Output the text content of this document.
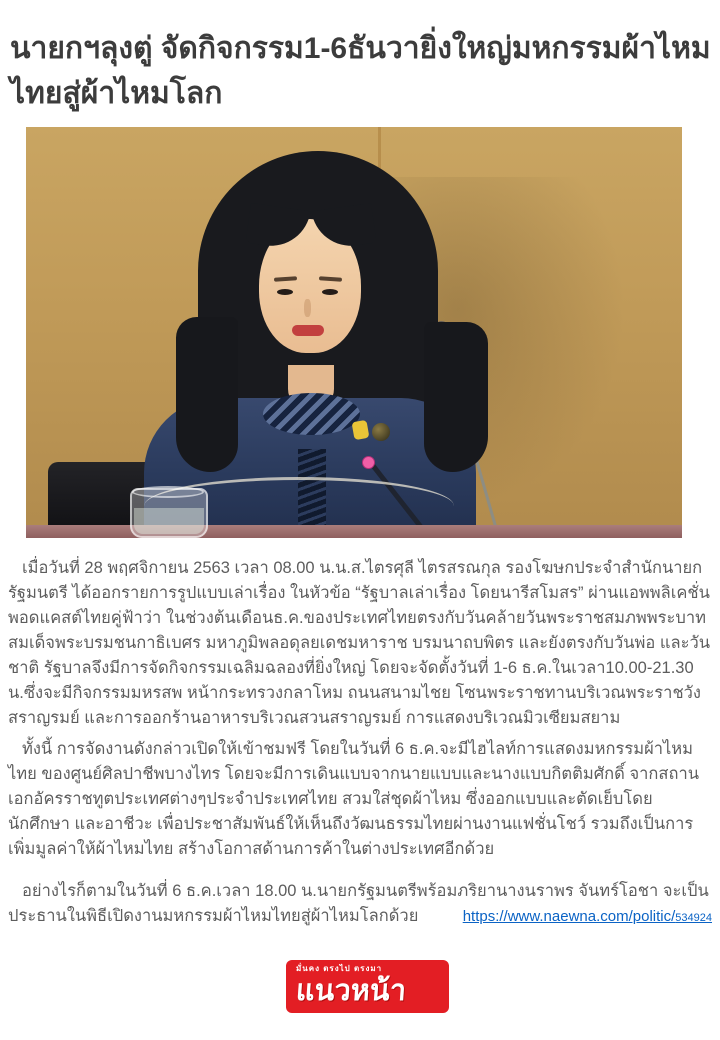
นายกฯลุงตู่ จัดกิจกรรม1-6ธันวายิ่งใหญ่มหกรรมผ้าไหมไทยสู่ผ้าไหมโลก

เมื่อวันที่ 28 พฤศจิกายน 2563 เวลา 08.00 น.น.ส.ไตรศุลี ไตรสรณกุล รองโฆษกประจำสำนักนายกรัฐมนตรี ได้ออกรายการรูปแบบเล่าเรื่อง ในหัวข้อ “รัฐบาลเล่าเรื่อง โดยนารีสโมสร” ผ่านแอพพลิเคชั่น พอดแคสต์ไทยคู่ฟ้าว่า ในช่วงต้นเดือนธ.ค.ของประเทศไทยตรงกับวันคล้ายวันพระราชสมภพพระบาทสมเด็จพระบรมชนกาธิเบศร มหาภูมิพลอดุลยเดชมหาราช บรมนาถบพิตร และยังตรงกับวันพ่อ และวันชาติ รัฐบาลจึงมีการจัดกิจกรรมเฉลิมฉลองที่ยิ่งใหญ่ โดยจะจัดตั้งวันที่ 1-6 ธ.ค.ในเวลา10.00-21.30 น.ซึ่งจะมีกิจกรรมมหรสพ หน้ากระทรวงกลาโหม ถนนสนามไชย โซนพระราชทานบริเวณพระราชวังสราญรมย์ และการออกร้านอาหารบริเวณสวนสราญรมย์ การแสดงบริเวณมิวเซียมสยาม

ทั้งนี้ การจัดงานดังกล่าวเปิดให้เข้าชมฟรี โดยในวันที่ 6 ธ.ค.จะมีไฮไลท์การแสดงมหกรรมผ้าไหมไทย ของศูนย์ศิลปาชีพบางไทร โดยจะมีการเดินแบบจากนายแบบและนางแบบกิตติมศักดิ์ จากสถานเอกอัครราชทูตประเทศต่างๆประจำประเทศไทย สวมใส่ชุดผ้าไหม ซึ่งออกแบบและตัดเย็บโดยนักศึกษา และอาชีวะ เพื่อประชาสัมพันธ์ให้เห็นถึงวัฒนธรรมไทยผ่านงานแฟชั่นโชว์ รวมถึงเป็นการเพิ่มมูลค่าให้ผ้าไหมไทย สร้างโอกาสด้านการค้าในต่างประเทศอีกด้วย

อย่างไรก็ตามในวันที่ 6 ธ.ค.เวลา 18.00 น.นายกรัฐมนตรีพร้อมภริยานางนราพร จันทร์โอชา จะเป็นประธานในพิธีเปิดงานมหกรรมผ้าไหมไทยสู่ผ้าไหมโลกด้วย	https://www.naewna.com/politic/534924
มั่นคง ตรงไป ตรงมา
แนวหน้า
